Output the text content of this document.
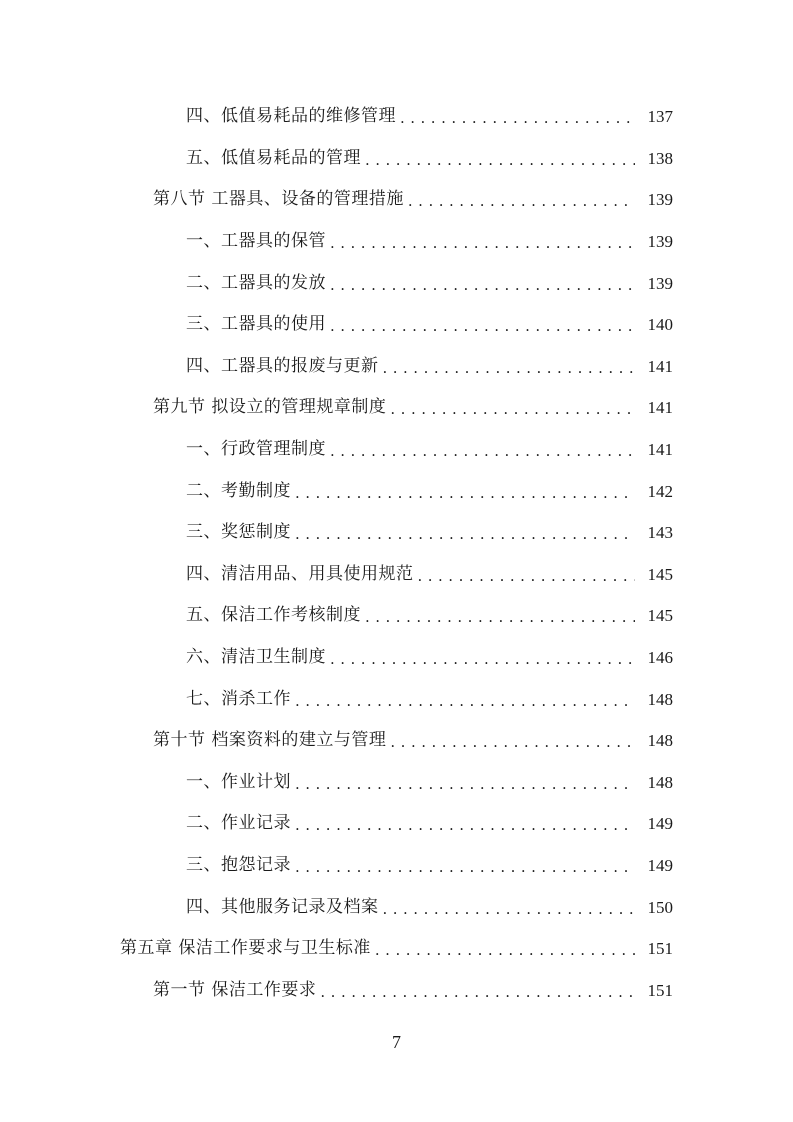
四、低值易耗品的维修管理 .....	137
五、低值易耗品的管理 .....	138
第八节 工器具、设备的管理措施 .....	139
一、工器具的保管 .....	139
二、工器具的发放 .....	139
三、工器具的使用 .....	140
四、工器具的报废与更新 .....	141
第九节 拟设立的管理规章制度 .....	141
一、行政管理制度 .....	141
二、考勤制度 .....	142
三、奖惩制度 .....	143
四、清洁用品、用具使用规范 .....	145
五、保洁工作考核制度 .....	145
六、清洁卫生制度 .....	146
七、消杀工作 .....	148
第十节 档案资料的建立与管理 .....	148
一、作业计划 .....	148
二、作业记录 .....	149
三、抱怨记录 .....	149
四、其他服务记录及档案 .....	150
第五章 保洁工作要求与卫生标准 .....	151
第一节 保洁工作要求 .....	151
7
